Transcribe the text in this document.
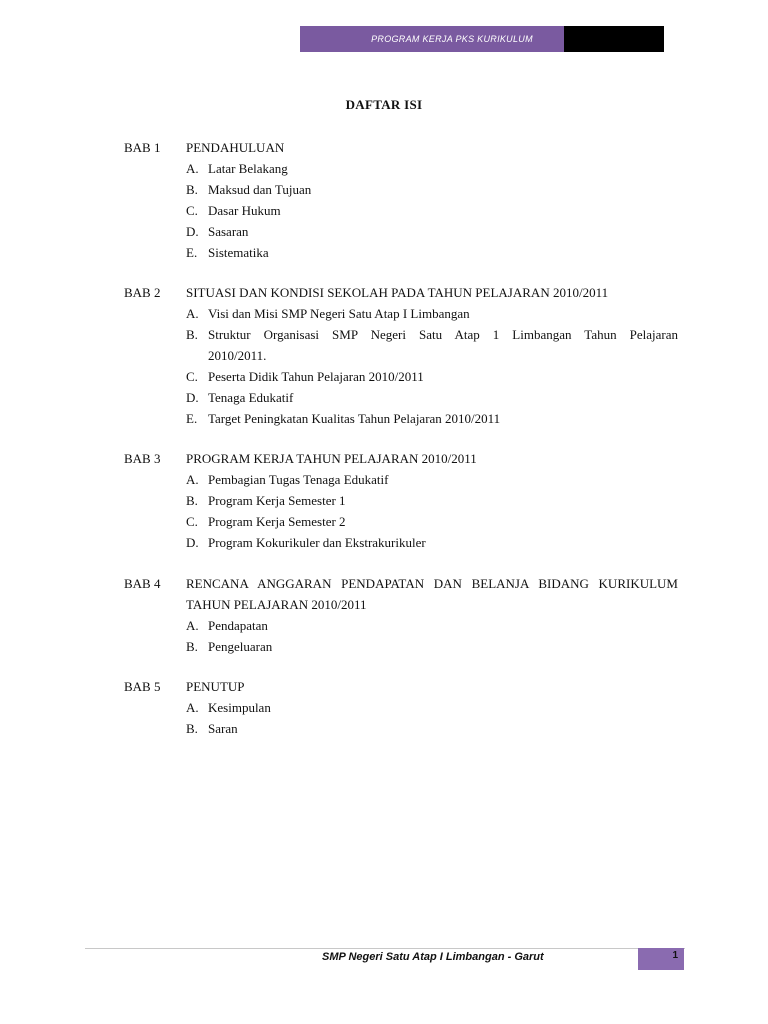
PROGRAM KERJA PKS KURIKULUM
DAFTAR ISI
BAB 1 PENDAHULUAN
A. Latar Belakang
B. Maksud dan Tujuan
C. Dasar Hukum
D. Sasaran
E. Sistematika
BAB 2 SITUASI DAN KONDISI SEKOLAH PADA TAHUN PELAJARAN 2010/2011
A. Visi dan Misi SMP Negeri Satu Atap I Limbangan
B. Struktur Organisasi SMP Negeri Satu Atap 1 Limbangan Tahun Pelajaran
2010/2011.
C. Peserta Didik Tahun Pelajaran 2010/2011
D. Tenaga Edukatif
E. Target Peningkatan Kualitas Tahun Pelajaran 2010/2011
BAB 3 PROGRAM KERJA TAHUN PELAJARAN 2010/2011
A. Pembagian Tugas Tenaga Edukatif
B. Program Kerja Semester 1
C. Program Kerja Semester 2
D. Program Kokurikuler dan Ekstrakurikuler
BAB 4 RENCANA ANGGARAN PENDAPATAN DAN BELANJA BIDANG KURIKULUM
TAHUN PELAJARAN 2010/2011
A. Pendapatan
B. Pengeluaran
BAB 5 PENUTUP
A. Kesimpulan
B. Saran
SMP Negeri Satu Atap I Limbangan - Garut	1
